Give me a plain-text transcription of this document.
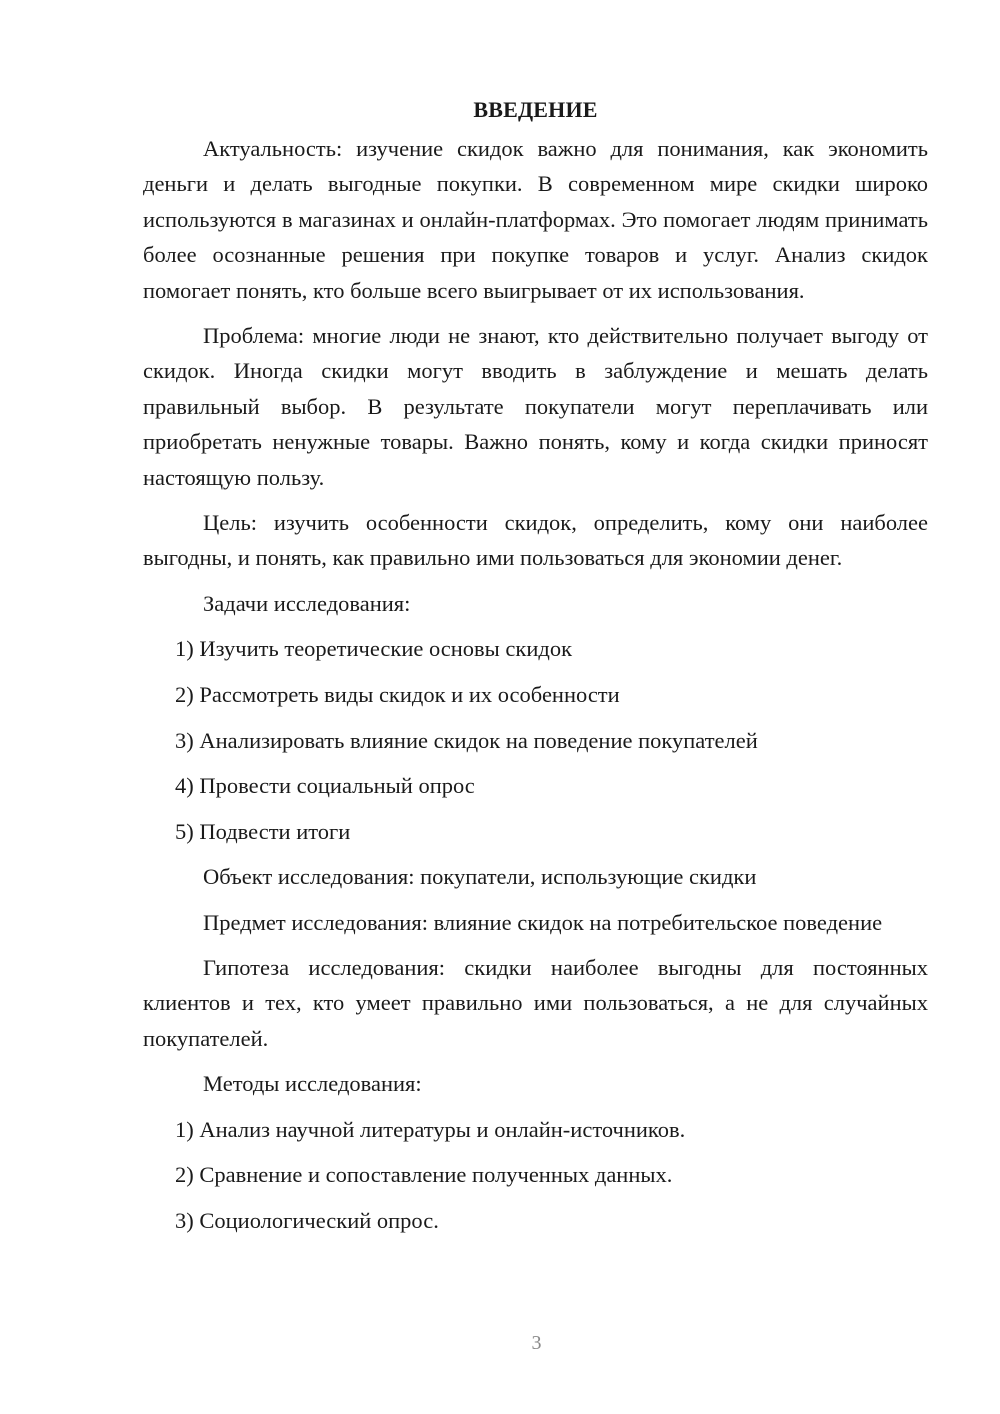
ВВЕДЕНИЕ

Актуальность: изучение скидок важно для понимания, как экономить деньги и делать выгодные покупки. В современном мире скидки широко используются в магазинах и онлайн-платформах. Это помогает людям принимать более осознанные решения при покупке товаров и услуг. Анализ скидок помогает понять, кто больше всего выигрывает от их использования.

Проблема: многие люди не знают, кто действительно получает выгоду от скидок. Иногда скидки могут вводить в заблуждение и мешать делать правильный выбор. В результате покупатели могут переплачивать или приобретать ненужные товары. Важно понять, кому и когда скидки приносят настоящую пользу.

Цель: изучить особенности скидок, определить, кому они наиболее выгодны, и понять, как правильно ими пользоваться для экономии денег.

Задачи исследования:

1) Изучить теоретические основы скидок

2) Рассмотреть виды скидок и их особенности

3) Анализировать влияние скидок на поведение покупателей

4) Провести социальный опрос

5) Подвести итоги

Объект исследования: покупатели, использующие скидки

Предмет исследования: влияние скидок на потребительское поведение

Гипотеза исследования: скидки наиболее выгодны для постоянных клиентов и тех, кто умеет правильно ими пользоваться, а не для случайных покупателей.

Методы исследования:

1) Анализ научной литературы и онлайн-источников.

2) Сравнение и сопоставление полученных данных.

3) Социологический опрос.

3
